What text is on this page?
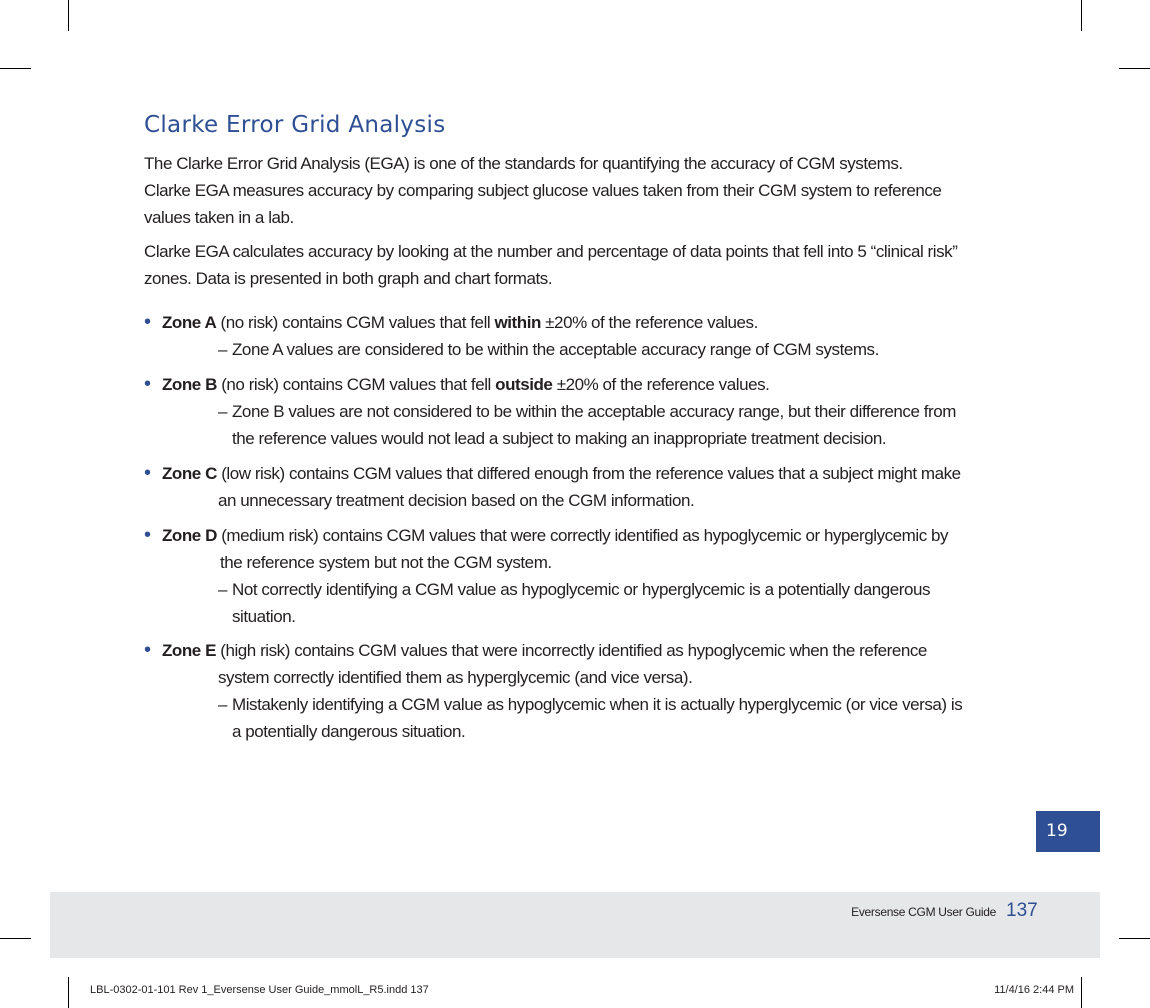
Clarke Error Grid Analysis

The Clarke Error Grid Analysis (EGA) is one of the standards for quantifying the accuracy of CGM systems.
Clarke EGA measures accuracy by comparing subject glucose values taken from their CGM system to reference
values taken in a lab.

Clarke EGA calculates accuracy by looking at the number and percentage of data points that fell into 5 “clinical risk”
zones. Data is presented in both graph and chart formats.

• Zone A (no risk) contains CGM values that fell within ±20% of the reference values.
– Zone A values are considered to be within the acceptable accuracy range of CGM systems.
• Zone B (no risk) contains CGM values that fell outside ±20% of the reference values.
– Zone B values are not considered to be within the acceptable accuracy range, but their difference from
the reference values would not lead a subject to making an inappropriate treatment decision.
• Zone C (low risk) contains CGM values that differed enough from the reference values that a subject might make
an unnecessary treatment decision based on the CGM information.
• Zone D (medium risk) contains CGM values that were correctly identified as hypoglycemic or hyperglycemic by
the reference system but not the CGM system.
– Not correctly identifying a CGM value as hypoglycemic or hyperglycemic is a potentially dangerous
situation.
• Zone E (high risk) contains CGM values that were incorrectly identified as hypoglycemic when the reference
system correctly identified them as hyperglycemic (and vice versa).
– Mistakenly identifying a CGM value as hypoglycemic when it is actually hyperglycemic (or vice versa) is
a potentially dangerous situation.
19
Eversense CGM User Guide 137
LBL-0302-01-101 Rev 1_Eversense User Guide_mmolL_R5.indd 137	11/4/16 2:44 PM
